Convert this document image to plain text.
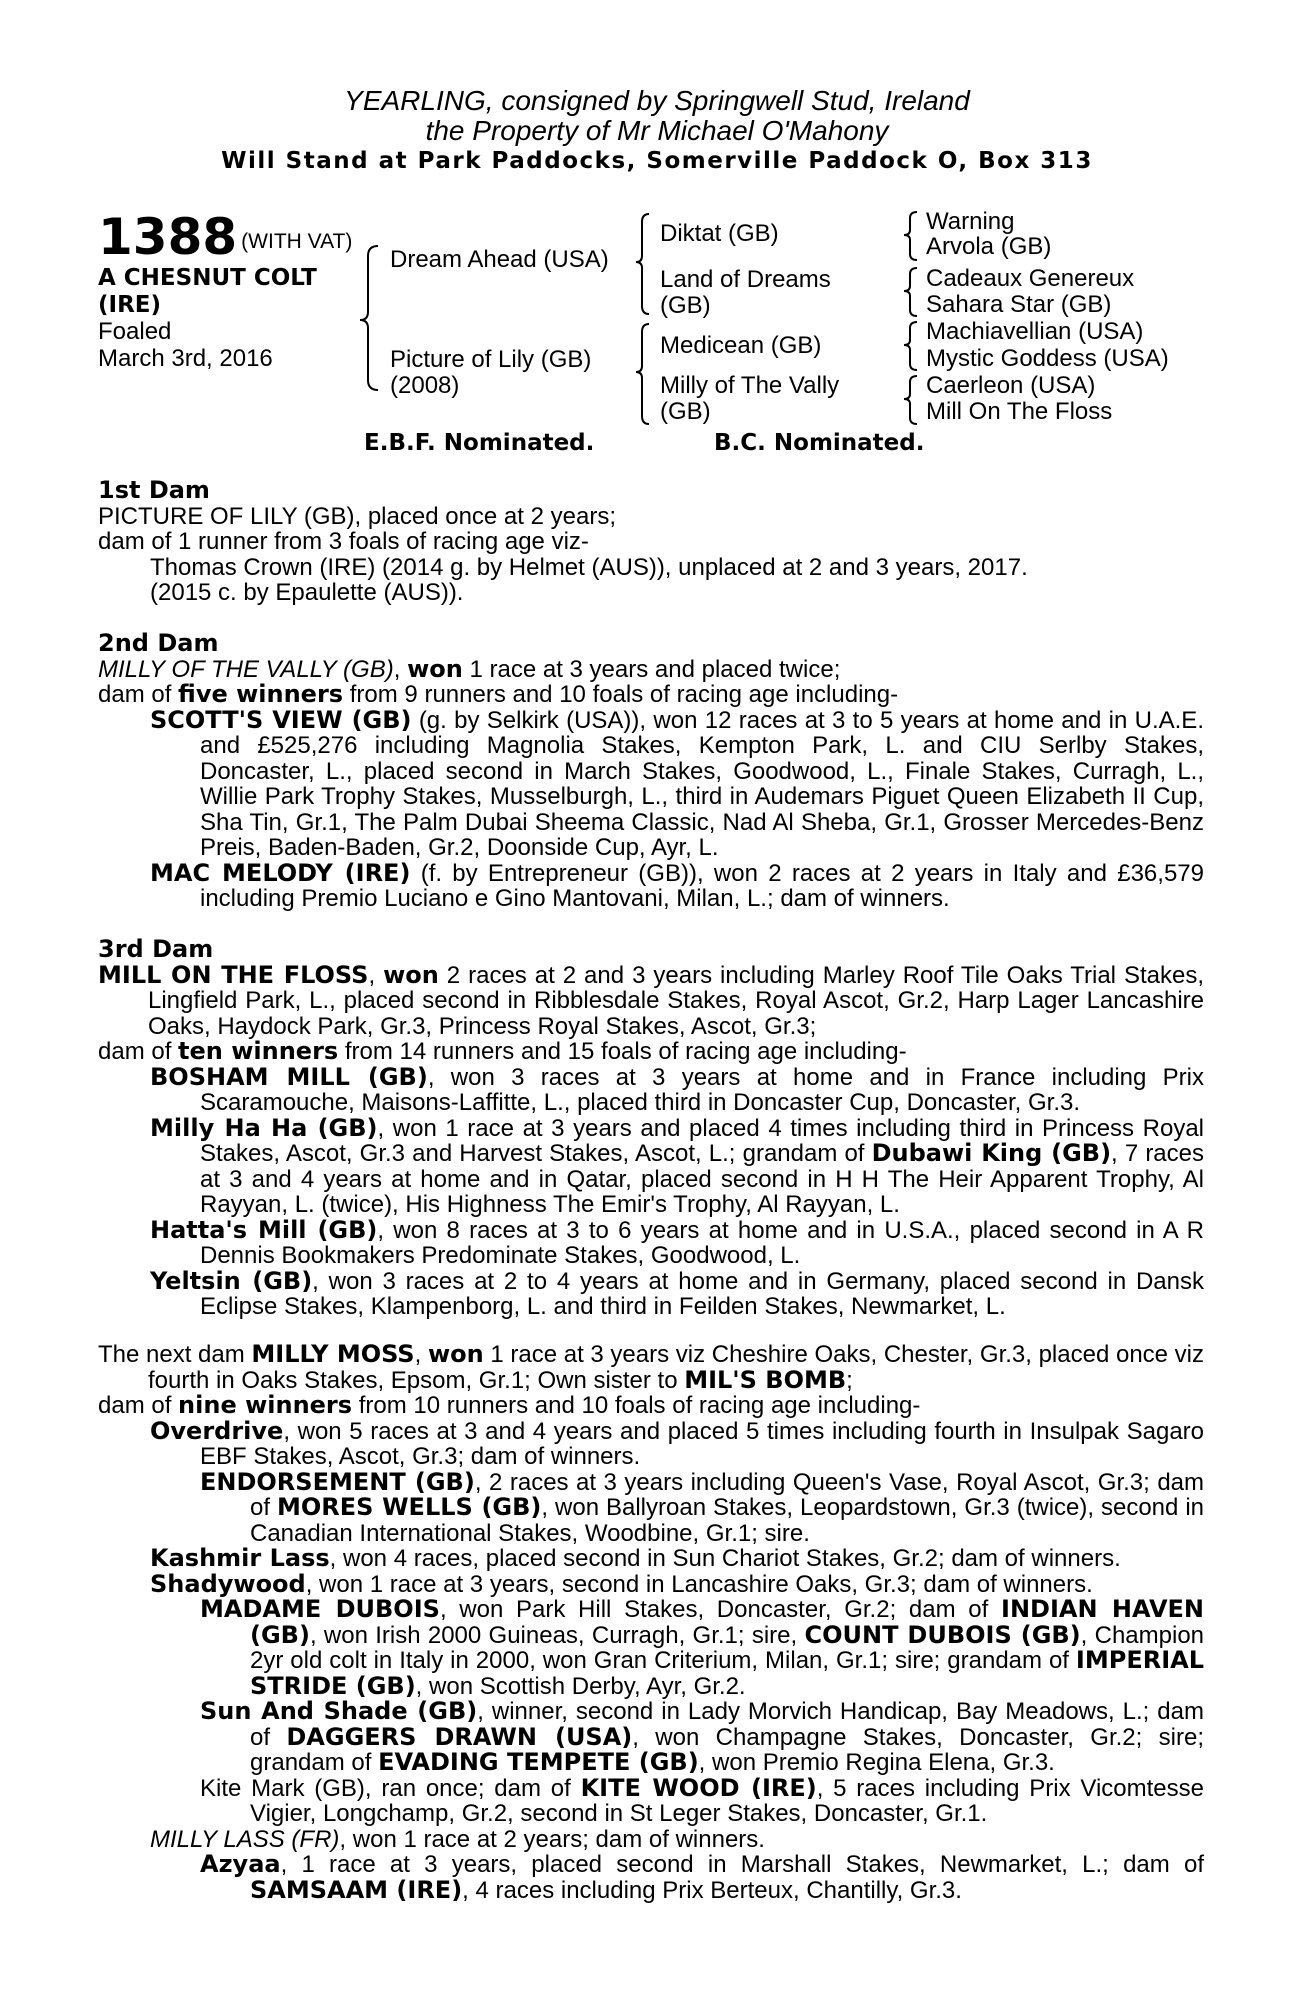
YEARLING, consigned by Springwell Stud, Ireland
the Property of Mr Michael O'Mahony
Will Stand at Park Paddocks, Somerville Paddock O, Box 313
1388 (WITH VAT)
A CHESNUT COLT
(IRE)
Foaled
March 3rd, 2016
Dream Ahead (USA)
Picture of Lily (GB)
(2008)
Diktat (GB)
Land of Dreams
(GB)
Medicean (GB)
Milly of The Vally
(GB)
Warning
Arvola (GB)
Cadeaux Genereux
Sahara Star (GB)
Machiavellian (USA)
Mystic Goddess (USA)
Caerleon (USA)
Mill On The Floss
E.B.F. Nominated.	B.C. Nominated.

1st Dam

PICTURE OF LILY (GB), placed once at 2 years;

dam of 1 runner from 3 foals of racing age viz-

Thomas Crown (IRE) (2014 g. by Helmet (AUS)), unplaced at 2 and 3 years, 2017.

(2015 c. by Epaulette (AUS)).

2nd Dam

MILLY OF THE VALLY (GB), won 1 race at 3 years and placed twice;

dam of five winners from 9 runners and 10 foals of racing age including-

SCOTT'S VIEW (GB) (g. by Selkirk (USA)), won 12 races at 3 to 5 years at home and in U.A.E. and £525,276 including Magnolia Stakes, Kempton Park, L. and CIU Serlby Stakes, Doncaster, L., placed second in March Stakes, Goodwood, L., Finale Stakes, Curragh, L., Willie Park Trophy Stakes, Musselburgh, L., third in Audemars Piguet Queen Elizabeth II Cup, Sha Tin, Gr.1, The Palm Dubai Sheema Classic, Nad Al Sheba, Gr.1, Grosser Mercedes-Benz Preis, Baden-Baden, Gr.2, Doonside Cup, Ayr, L.

MAC MELODY (IRE) (f. by Entrepreneur (GB)), won 2 races at 2 years in Italy and £36,579 including Premio Luciano e Gino Mantovani, Milan, L.; dam of winners.

3rd Dam

MILL ON THE FLOSS, won 2 races at 2 and 3 years including Marley Roof Tile Oaks Trial Stakes, Lingfield Park, L., placed second in Ribblesdale Stakes, Royal Ascot, Gr.2, Harp Lager Lancashire Oaks, Haydock Park, Gr.3, Princess Royal Stakes, Ascot, Gr.3;

dam of ten winners from 14 runners and 15 foals of racing age including-

BOSHAM MILL (GB), won 3 races at 3 years at home and in France including Prix Scaramouche, Maisons-Laffitte, L., placed third in Doncaster Cup, Doncaster, Gr.3.

Milly Ha Ha (GB), won 1 race at 3 years and placed 4 times including third in Princess Royal Stakes, Ascot, Gr.3 and Harvest Stakes, Ascot, L.; grandam of Dubawi King (GB), 7 races at 3 and 4 years at home and in Qatar, placed second in H H The Heir Apparent Trophy, Al Rayyan, L. (twice), His Highness The Emir's Trophy, Al Rayyan, L.

Hatta's Mill (GB), won 8 races at 3 to 6 years at home and in U.S.A., placed second in A R Dennis Bookmakers Predominate Stakes, Goodwood, L.

Yeltsin (GB), won 3 races at 2 to 4 years at home and in Germany, placed second in Dansk Eclipse Stakes, Klampenborg, L. and third in Feilden Stakes, Newmarket, L.

The next dam MILLY MOSS, won 1 race at 3 years viz Cheshire Oaks, Chester, Gr.3, placed once viz fourth in Oaks Stakes, Epsom, Gr.1; Own sister to MIL'S BOMB;

dam of nine winners from 10 runners and 10 foals of racing age including-

Overdrive, won 5 races at 3 and 4 years and placed 5 times including fourth in Insulpak Sagaro EBF Stakes, Ascot, Gr.3; dam of winners.

ENDORSEMENT (GB), 2 races at 3 years including Queen's Vase, Royal Ascot, Gr.3; dam of MORES WELLS (GB), won Ballyroan Stakes, Leopardstown, Gr.3 (twice), second in Canadian International Stakes, Woodbine, Gr.1; sire.

Kashmir Lass, won 4 races, placed second in Sun Chariot Stakes, Gr.2; dam of winners.

Shadywood, won 1 race at 3 years, second in Lancashire Oaks, Gr.3; dam of winners.

MADAME DUBOIS, won Park Hill Stakes, Doncaster, Gr.2; dam of INDIAN HAVEN (GB), won Irish 2000 Guineas, Curragh, Gr.1; sire, COUNT DUBOIS (GB), Champion 2yr old colt in Italy in 2000, won Gran Criterium, Milan, Gr.1; sire; grandam of IMPERIAL STRIDE (GB), won Scottish Derby, Ayr, Gr.2.

Sun And Shade (GB), winner, second in Lady Morvich Handicap, Bay Meadows, L.; dam of DAGGERS DRAWN (USA), won Champagne Stakes, Doncaster, Gr.2; sire; grandam of EVADING TEMPETE (GB), won Premio Regina Elena, Gr.3.

Kite Mark (GB), ran once; dam of KITE WOOD (IRE), 5 races including Prix Vicomtesse Vigier, Longchamp, Gr.2, second in St Leger Stakes, Doncaster, Gr.1.

MILLY LASS (FR), won 1 race at 2 years; dam of winners.

Azyaa, 1 race at 3 years, placed second in Marshall Stakes, Newmarket, L.; dam of SAMSAAM (IRE), 4 races including Prix Berteux, Chantilly, Gr.3.
